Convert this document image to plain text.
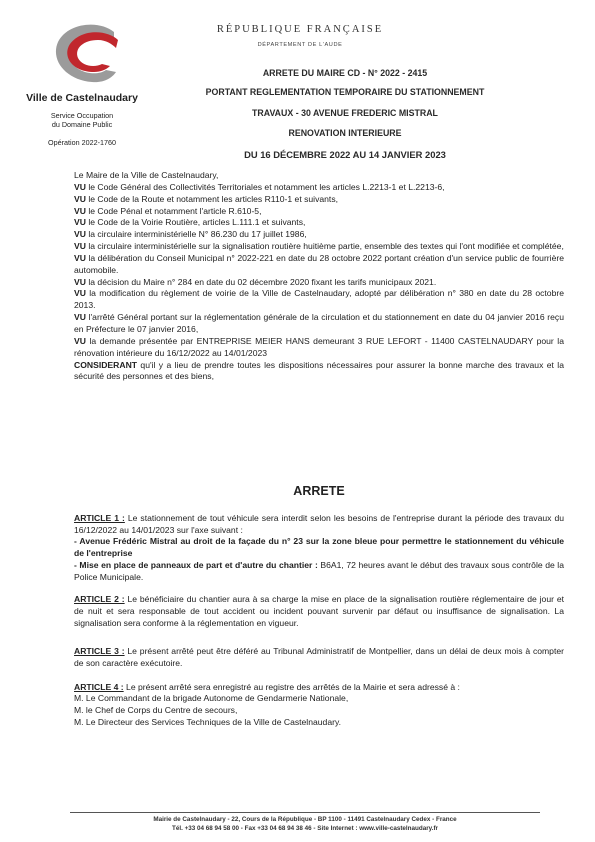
Ville de Castelnaudary
Service Occupation
du Domaine Public
Opération 2022-1760
RÉPUBLIQUE FRANÇAISE
DÉPARTEMENT DE L'AUDE
ARRETE DU MAIRE CD - N° 2022 - 2415
PORTANT REGLEMENTATION TEMPORAIRE DU STATIONNEMENT
TRAVAUX - 30 AVENUE FREDERIC MISTRAL
RENOVATION INTERIEURE
DU 16 DÉCEMBRE 2022 AU 14 JANVIER 2023

Le Maire de la Ville de Castelnaudary,

VU le Code Général des Collectivités Territoriales et notamment les articles L.2213-1 et L.2213-6,

VU le Code de la Route et notamment les articles R110-1 et suivants,

VU le Code Pénal et notamment l'article R.610-5,

VU le Code de la Voirie Routière, articles L.111.1 et suivants,

VU la circulaire interministérielle N° 86.230 du 17 juillet 1986,

VU la circulaire interministérielle sur la signalisation routière huitième partie, ensemble des textes qui l'ont modifiée et complétée,

VU la délibération du Conseil Municipal n° 2022-221 en date du 28 octobre 2022 portant création d'un service public de fourrière automobile.

VU la décision du Maire n° 284 en date du 02 décembre 2020 fixant les tarifs municipaux 2021.

VU la modification du règlement de voirie de la Ville de Castelnaudary, adopté par délibération n° 380 en date du 28 octobre 2013.

VU l'arrêté Général portant sur la réglementation générale de la circulation et du stationnement en date du 04 janvier 2016 reçu en Préfecture le 07 janvier 2016,

VU la demande présentée par ENTREPRISE MEIER HANS demeurant 3 RUE LEFORT - 11400 CASTELNAUDARY pour la rénovation intérieure du 16/12/2022 au 14/01/2023

CONSIDERANT qu'il y a lieu de prendre toutes les dispositions nécessaires pour assurer la bonne marche des travaux et la sécurité des personnes et des biens,

ARRETE

ARTICLE 1 : Le stationnement de tout véhicule sera interdit selon les besoins de l'entreprise durant la période des travaux du 16/12/2022 au 14/01/2023 sur l'axe suivant :

- Avenue Frédéric Mistral au droit de la façade du n° 23 sur la zone bleue pour permettre le stationnement du véhicule de l'entreprise

- Mise en place de panneaux de part et d'autre du chantier : B6A1, 72 heures avant le début des travaux sous contrôle de la Police Municipale.

ARTICLE 2 : Le bénéficiaire du chantier aura à sa charge la mise en place de la signalisation routière réglementaire de jour et de nuit et sera responsable de tout accident ou incident pouvant survenir par défaut ou insuffisance de signalisation. La signalisation sera conforme à la réglementation en vigueur.

ARTICLE 3 : Le présent arrêté peut être déféré au Tribunal Administratif de Montpellier, dans un délai de deux mois à compter de son caractère exécutoire.

ARTICLE 4 : Le présent arrêté sera enregistré au registre des arrêtés de la Mairie et sera adressé à :

M. Le Commandant de la brigade Autonome de Gendarmerie Nationale,

M. le Chef de Corps du Centre de secours,

M. Le Directeur des Services Techniques de la Ville de Castelnaudary.

Mairie de Castelnaudary - 22, Cours de la République - BP 1100 - 11491 Castelnaudary Cedex - France
Tél. +33 04 68 94 58 00 - Fax +33 04 68 94 38 46 - Site Internet : www.ville-castelnaudary.fr
